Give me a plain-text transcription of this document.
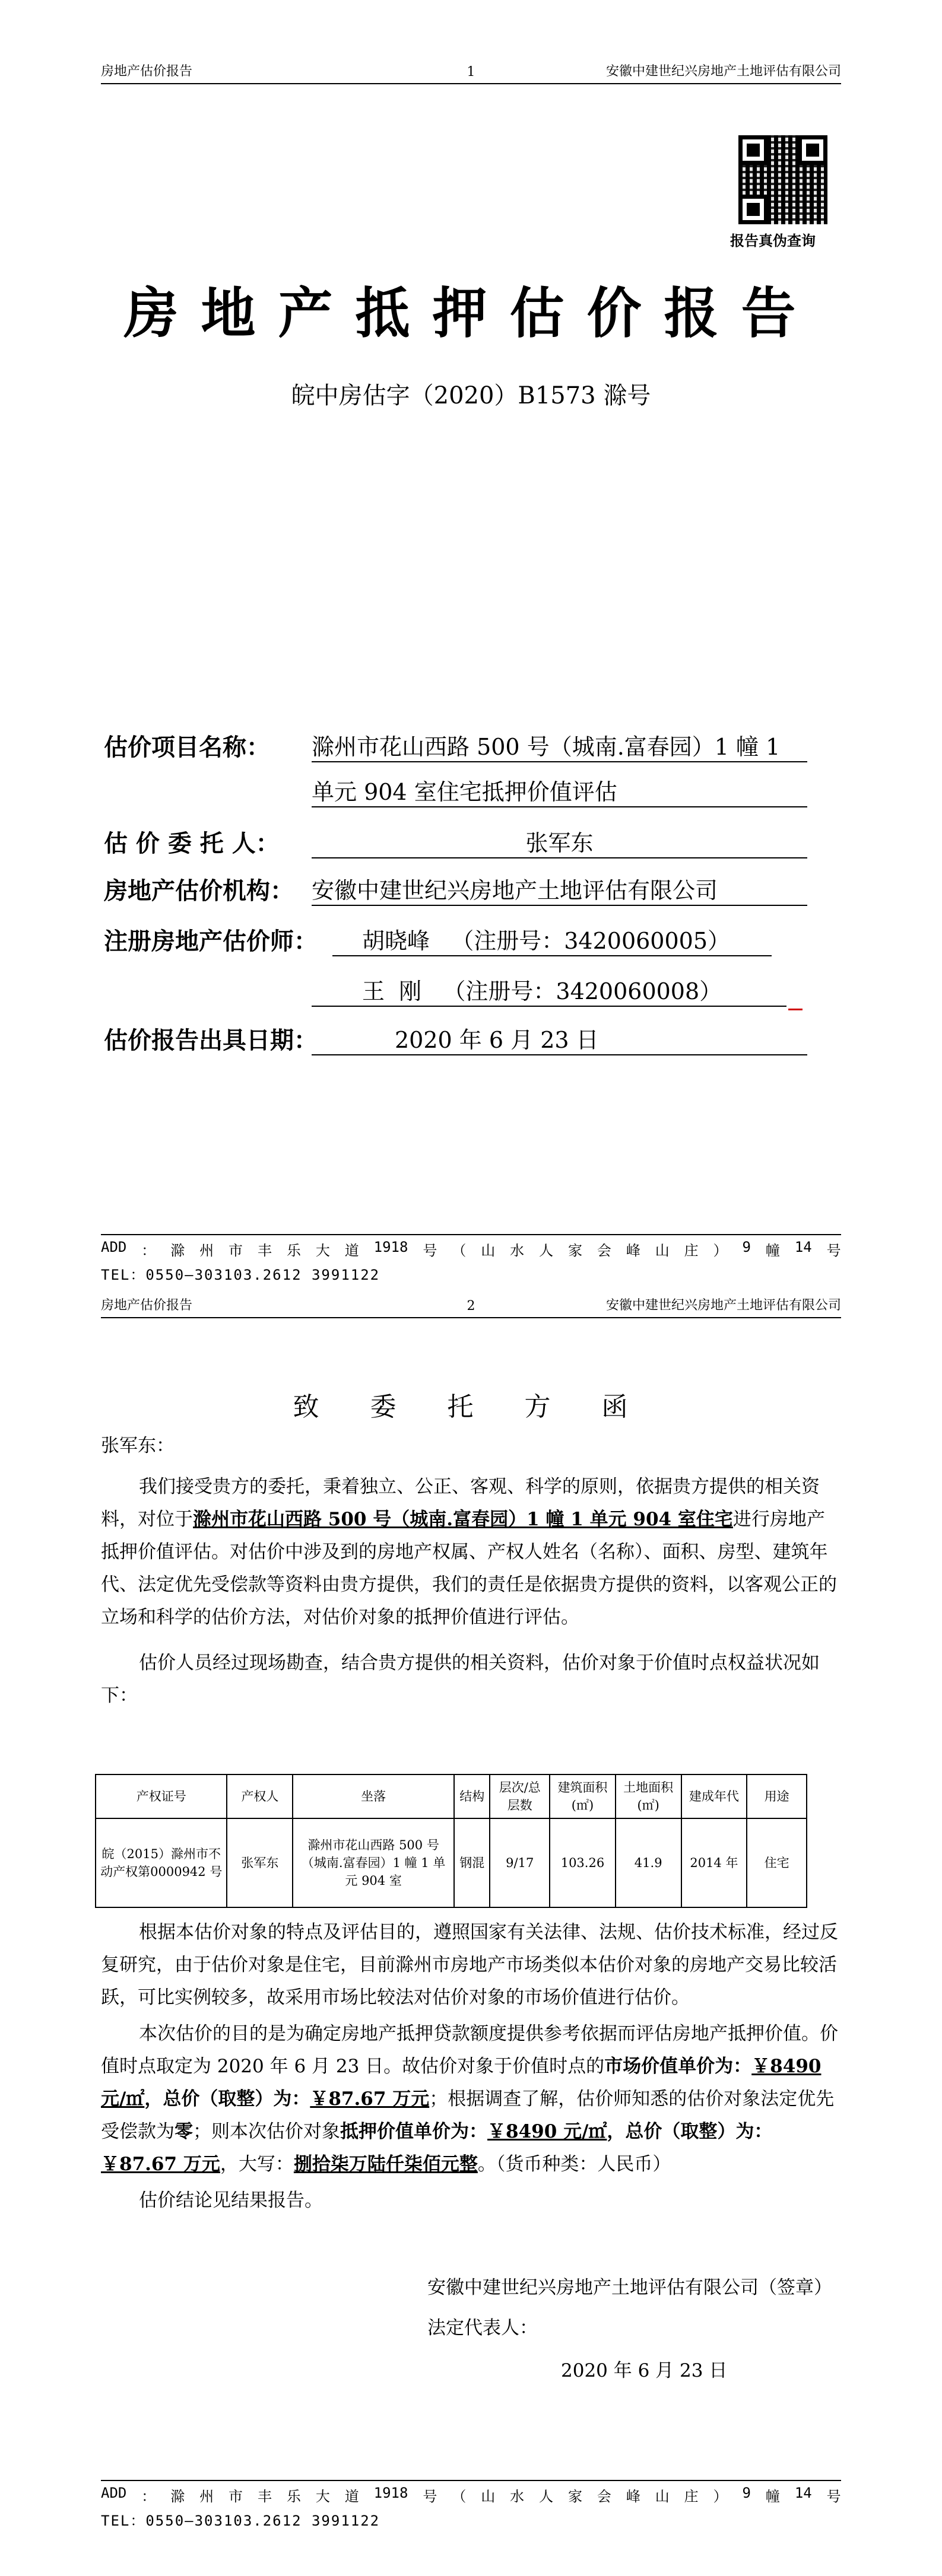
房地产估价报告	1	安徽中建世纪兴房地产土地评估有限公司
报告真伪查询
房地产抵押估价报告
皖中房估字（2020）B1573 滁号
估价项目名称： 滁州市花山西路 500 号（城南.富春园）1 幢 1
单元 904 室住宅抵押价值评估
估 价 委 托 人：	张军东
房地产估价机构： 安徽中建世纪兴房地产土地评估有限公司
注册房地产估价师：	胡晓峰   （注册号：3420060005）
王  刚   （注册号：3420060008）
估价报告出具日期：	2020 年 6 月 23 日
ADD ： 滁 州 市 丰 乐 大 道 1918 号 （ 山 水 人 家 会 峰 山 庄 ） 9 幢 14 号
TEL：0550—303103.2612 3991122
房地产估价报告	2	安徽中建世纪兴房地产土地评估有限公司
致 委 托 方 函
张军东：

我们接受贵方的委托，秉着独立、公正、客观、科学的原则，依据贵方提供的相关资料，对位于滁州市花山西路 500 号（城南.富春园）1 幢 1 单元 904 室住宅进行房地产抵押价值评估。对估价中涉及到的房地产权属、产权人姓名（名称）、面积、房型、建筑年代、法定优先受偿款等资料由贵方提供，我们的责任是依据贵方提供的资料，以客观公正的立场和科学的估价方法，对估价对象的抵押价值进行评估。

估价人员经过现场勘查，结合贵方提供的相关资料，估价对象于价值时点权益状况如下：

产权证号	产权人	坐落	结构	层次/总层数	建筑面积(㎡)	土地面积(㎡)	建成年代	用途
皖（2015）滁州市不动产权第0000942 号	张军东	滁州市花山西路 500 号（城南.富春园）1 幢 1 单元 904 室	钢混	9/17	103.26	41.9	2014 年	住宅

根据本估价对象的特点及评估目的，遵照国家有关法律、法规、估价技术标准，经过反复研究，由于估价对象是住宅，目前滁州市房地产市场类似本估价对象的房地产交易比较活跃，可比实例较多，故采用市场比较法对估价对象的市场价值进行估价。

本次估价的目的是为确定房地产抵押贷款额度提供参考依据而评估房地产抵押价值。价值时点取定为 2020 年 6 月 23 日。故估价对象于价值时点的市场价值单价为：￥8490 元/㎡，总价（取整）为：￥87.67 万元；根据调查了解，估价师知悉的估价对象法定优先受偿款为零；则本次估价对象抵押价值单价为：￥8490 元/㎡，总价（取整）为：￥87.67 万元，大写：捌拾柒万陆仟柒佰元整。（货币种类：人民币）

估价结论见结果报告。

安徽中建世纪兴房地产土地评估有限公司（签章）
法定代表人：
2020 年 6 月 23 日
ADD ： 滁 州 市 丰 乐 大 道 1918 号 （ 山 水 人 家 会 峰 山 庄 ） 9 幢 14 号
TEL：0550—303103.2612 3991122
